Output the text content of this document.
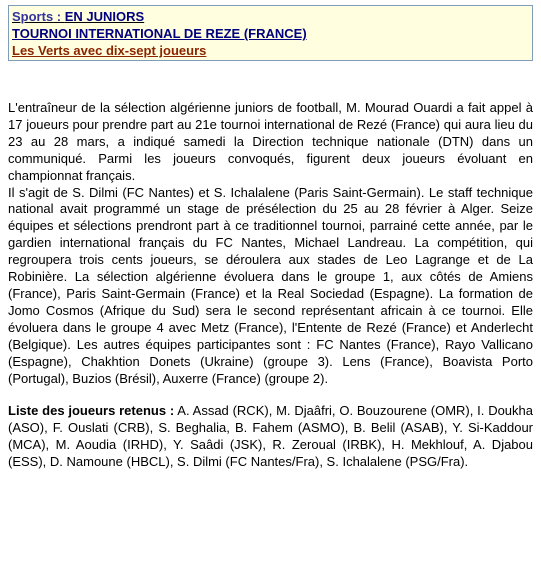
Sports : EN JUNIORS
TOURNOI INTERNATIONAL DE REZE (FRANCE)
Les Verts avec dix-sept joueurs

L'entraîneur de la sélection algérienne juniors de football, M. Mourad Ouardi a fait appel à 17 joueurs pour prendre part au 21e tournoi international de Rezé (France) qui aura lieu du 23 au 28 mars, a indiqué samedi la Direction technique nationale (DTN) dans un communiqué. Parmi les joueurs convoqués, figurent deux joueurs évoluant en championnat français.

Il s'agit de S. Dilmi (FC Nantes) et S. Ichalalene (Paris Saint-Germain). Le staff technique national avait programmé un stage de présélection du 25 au 28 février à Alger. Seize équipes et sélections prendront part à ce traditionnel tournoi, parrainé cette année, par le gardien international français du FC Nantes, Michael Landreau. La compétition, qui regroupera trois cents joueurs, se déroulera aux stades de Leo Lagrange et de La Robinière. La sélection algérienne évoluera dans le groupe 1, aux côtés de Amiens (France), Paris Saint-Germain (France) et la Real Sociedad (Espagne). La formation de Jomo Cosmos (Afrique du Sud) sera le second représentant africain à ce tournoi. Elle évoluera dans le groupe 4 avec Metz (France), l'Entente de Rezé (France) et Anderlecht (Belgique). Les autres équipes participantes sont : FC Nantes (France), Rayo Vallicano (Espagne), Chakhtion Donets (Ukraine) (groupe 3). Lens (France), Boavista Porto (Portugal), Buzios (Brésil), Auxerre (France) (groupe 2).

Liste des joueurs retenus : A. Assad (RCK), M. Djaâfri, O. Bouzourene (OMR), I. Doukha (ASO), F. Ouslati (CRB), S. Beghalia, B. Fahem (ASMO), B. Belil (ASAB), Y. Si-Kaddour (MCA), M. Aoudia (IRHD), Y. Saâdi (JSK), R. Zeroual (IRBK), H. Mekhlouf, A. Djabou (ESS), D. Namoune (HBCL), S. Dilmi (FC Nantes/Fra), S. Ichalalene (PSG/Fra).
